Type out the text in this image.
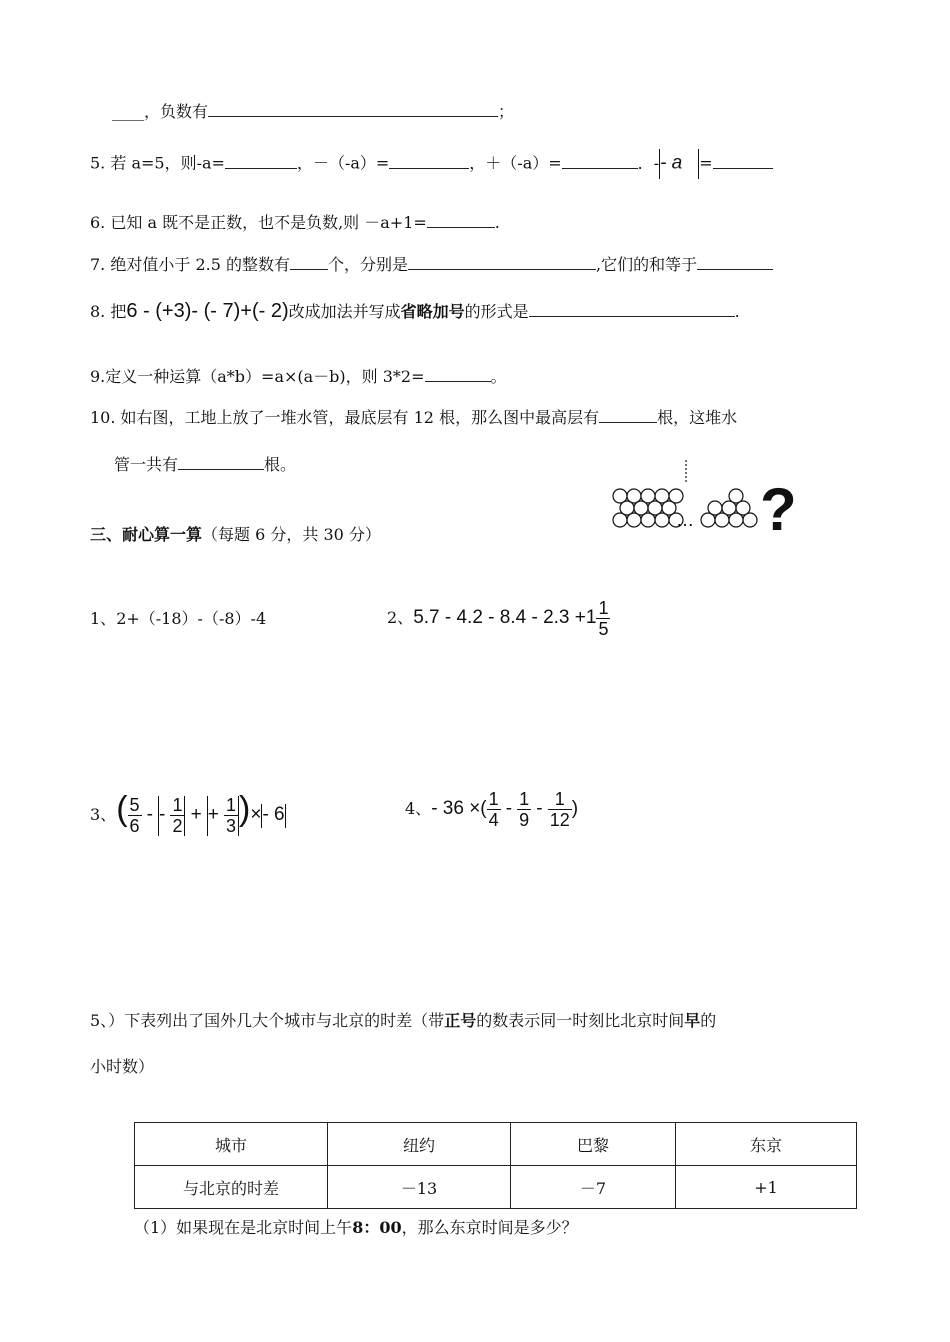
____，负数有	；
5. 若 a=5，则-a=	，－（-a）=	，＋（-a）=	．-- a =
6. 已知 a 既不是正数，也不是负数,则 －a+1=	.
7. 绝对值小于 2.5 的整数有 个，分别是	,它们的和等于
8. 把6 - (+3)- (- 7)+(- 2)改成加法并写成省略加号的形式是	.
9.定义一种运算（a*b）=a×(a－b)，则 3*2=	。
10. 如右图，工地上放了一堆水管，最底层有 12 根，那么图中最高层有	根，这堆水
管一共有	根。
… ?
三、耐心算一算（每题 6 分，共 30 分）
1、2+（-18）-（-8）-4	2、$5.7 - 4.2 - 8.4 - 2.3 +1 \frac{1}{5}$
3、( $\frac{5}{6}$ - - $\frac{1}{2}$ + + $\frac{1}{3}$ )×- 6	4、- 36 ×( $\frac{1}{4} - \frac{1}{9} - \frac{1}{12}$ )
5、）下表列出了国外几大个城市与北京的时差（带正号的数表示同一时刻比北京时间早的
小时数）
城市	纽约	巴黎	东京
与北京的时差	－13	－7	+1
（1）如果现在是北京时间上午8：00，那么东京时间是多少？
